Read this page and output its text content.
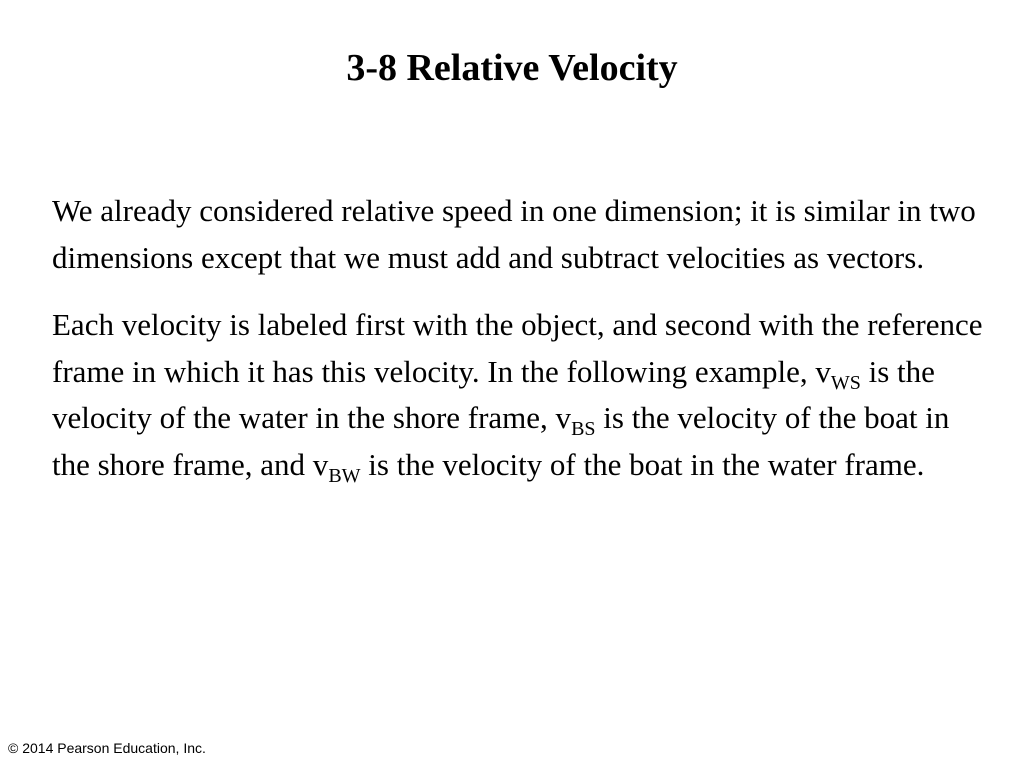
3-8 Relative Velocity

We already considered relative speed in one dimension; it is similar in two dimensions except that we must add and subtract velocities as vectors.

Each velocity is labeled first with the object, and second with the reference frame in which it has this velocity. In the following example, $v_{WS}$ is the velocity of the water in the shore frame, $v_{BS}$ is the velocity of the boat in the shore frame, and $v_{BW}$ is the velocity of the boat in the water frame.

© 2014 Pearson Education, Inc.
